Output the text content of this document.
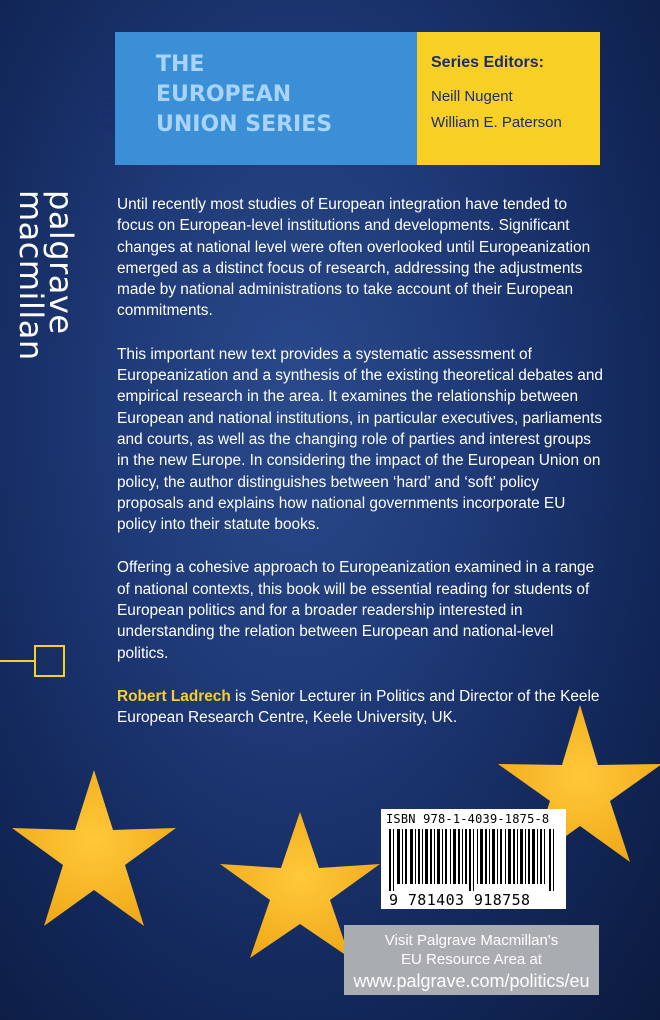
THE
EUROPEAN
UNION SERIES
Series Editors:
Neill Nugent
William E. Paterson
ISSUES
palgrave
macmillan	Until recently most studies of European integration have tended to focus on European-level institutions and developments. Significant changes at national level were often overlooked until Europeanization emerged as a distinct focus of research, addressing the adjustments made by national administrations to take account of their European commitments.

This important new text provides a systematic assessment of Europeanization and a synthesis of the existing theoretical debates and empirical research in the area. It examines the relationship between European and national institutions, in particular executives, parliaments and courts, as well as the changing role of parties and interest groups in the new Europe. In considering the impact of the European Union on policy, the author distinguishes between ‘hard’ and ‘soft’ policy proposals and explains how national governments incorporate EU policy into their statute books.

Offering a cohesive approach to Europeanization examined in a range of national contexts, this book will be essential reading for students of European politics and for a broader readership interested in understanding the relation between European and national-level politics.

Robert Ladrech is Senior Lecturer in Politics and Director of the Keele European Research Centre, Keele University, UK.

ISBN 978-1-4039-1875-8
9 781403 918758
Visit Palgrave Macmillan's
EU Resource Area at
www.palgrave.com/politics/eu
